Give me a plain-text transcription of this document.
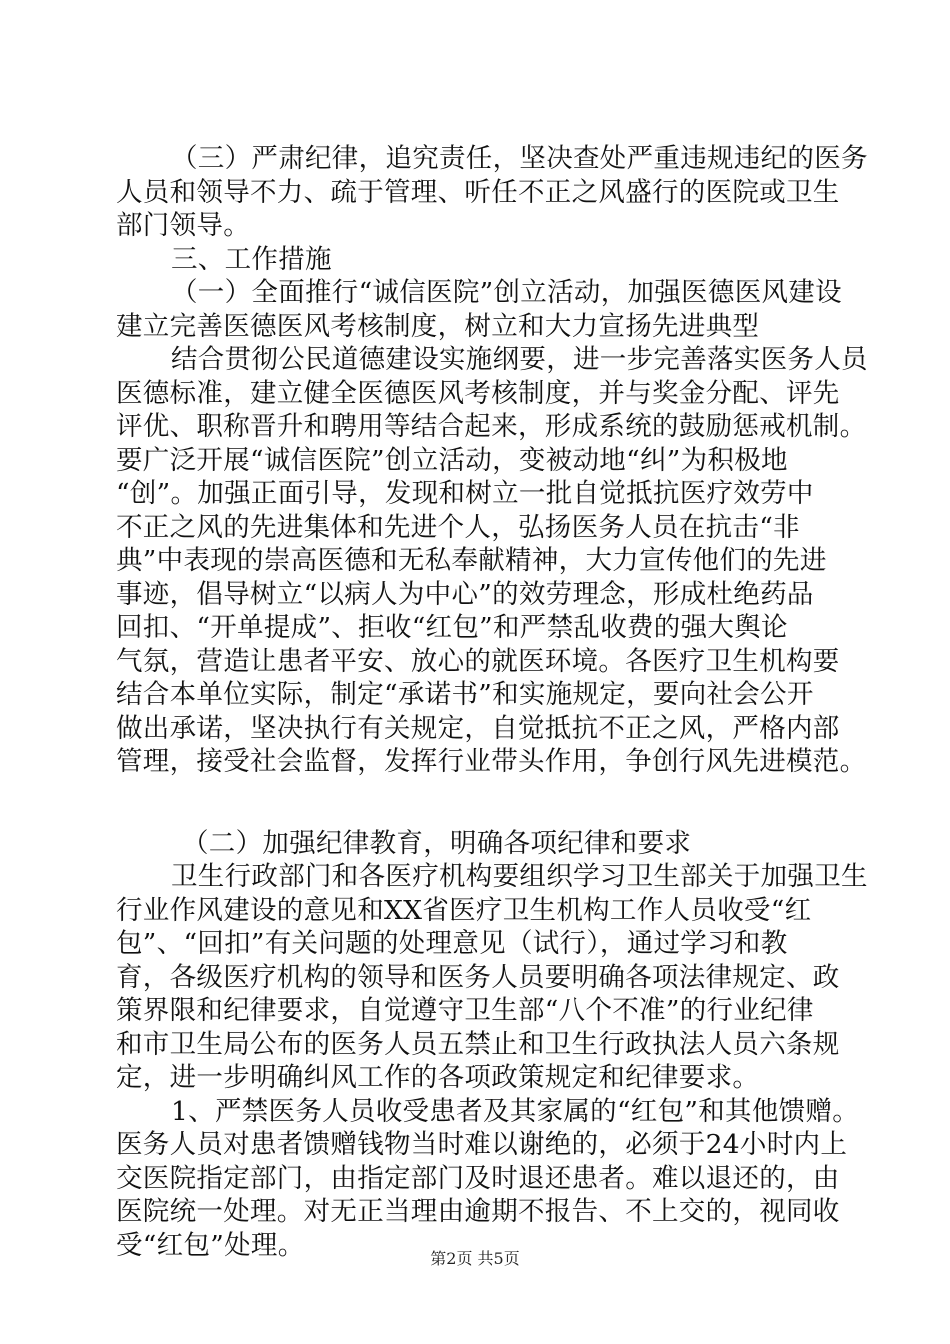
（三）严肃纪律，追究责任，坚决查处严重违规违纪的医务
人员和领导不力、疏于管理、听任不正之风盛行的医院或卫生
部门领导。
三、工作措施
（一）全面推行“诚信医院”创立活动，加强医德医风建设
建立完善医德医风考核制度，树立和大力宣扬先进典型
结合贯彻公民道德建设实施纲要，进一步完善落实医务人员
医德标准，建立健全医德医风考核制度，并与奖金分配、评先
评优、职称晋升和聘用等结合起来，形成系统的鼓励惩戒机制。
要广泛开展“诚信医院”创立活动，变被动地“纠”为积极地
“创”。加强正面引导，发现和树立一批自觉抵抗医疗效劳中
不正之风的先进集体和先进个人，弘扬医务人员在抗击“非
典”中表现的崇高医德和无私奉献精神，大力宣传他们的先进
事迹，倡导树立“以病人为中心”的效劳理念，形成杜绝药品
回扣、“开单提成”、拒收“红包”和严禁乱收费的强大舆论
气氛，营造让患者平安、放心的就医环境。各医疗卫生机构要
结合本单位实际，制定“承诺书”和实施规定，要向社会公开
做出承诺，坚决执行有关规定，自觉抵抗不正之风，严格内部
管理，接受社会监督，发挥行业带头作用，争创行风先进模范。
（二）加强纪律教育，明确各项纪律和要求
卫生行政部门和各医疗机构要组织学习卫生部关于加强卫生
行业作风建设的意见和XX省医疗卫生机构工作人员收受“红
包”、“回扣”有关问题的处理意见（试行），通过学习和教
育，各级医疗机构的领导和医务人员要明确各项法律规定、政
策界限和纪律要求，自觉遵守卫生部“八个不准”的行业纪律
和市卫生局公布的医务人员五禁止和卫生行政执法人员六条规
定，进一步明确纠风工作的各项政策规定和纪律要求。
1、严禁医务人员收受患者及其家属的“红包”和其他馈赠。
医务人员对患者馈赠钱物当时难以谢绝的，必须于24小时内上
交医院指定部门，由指定部门及时退还患者。难以退还的，由
医院统一处理。对无正当理由逾期不报告、不上交的，视同收
受“红包”处理。	第2页 共5页
